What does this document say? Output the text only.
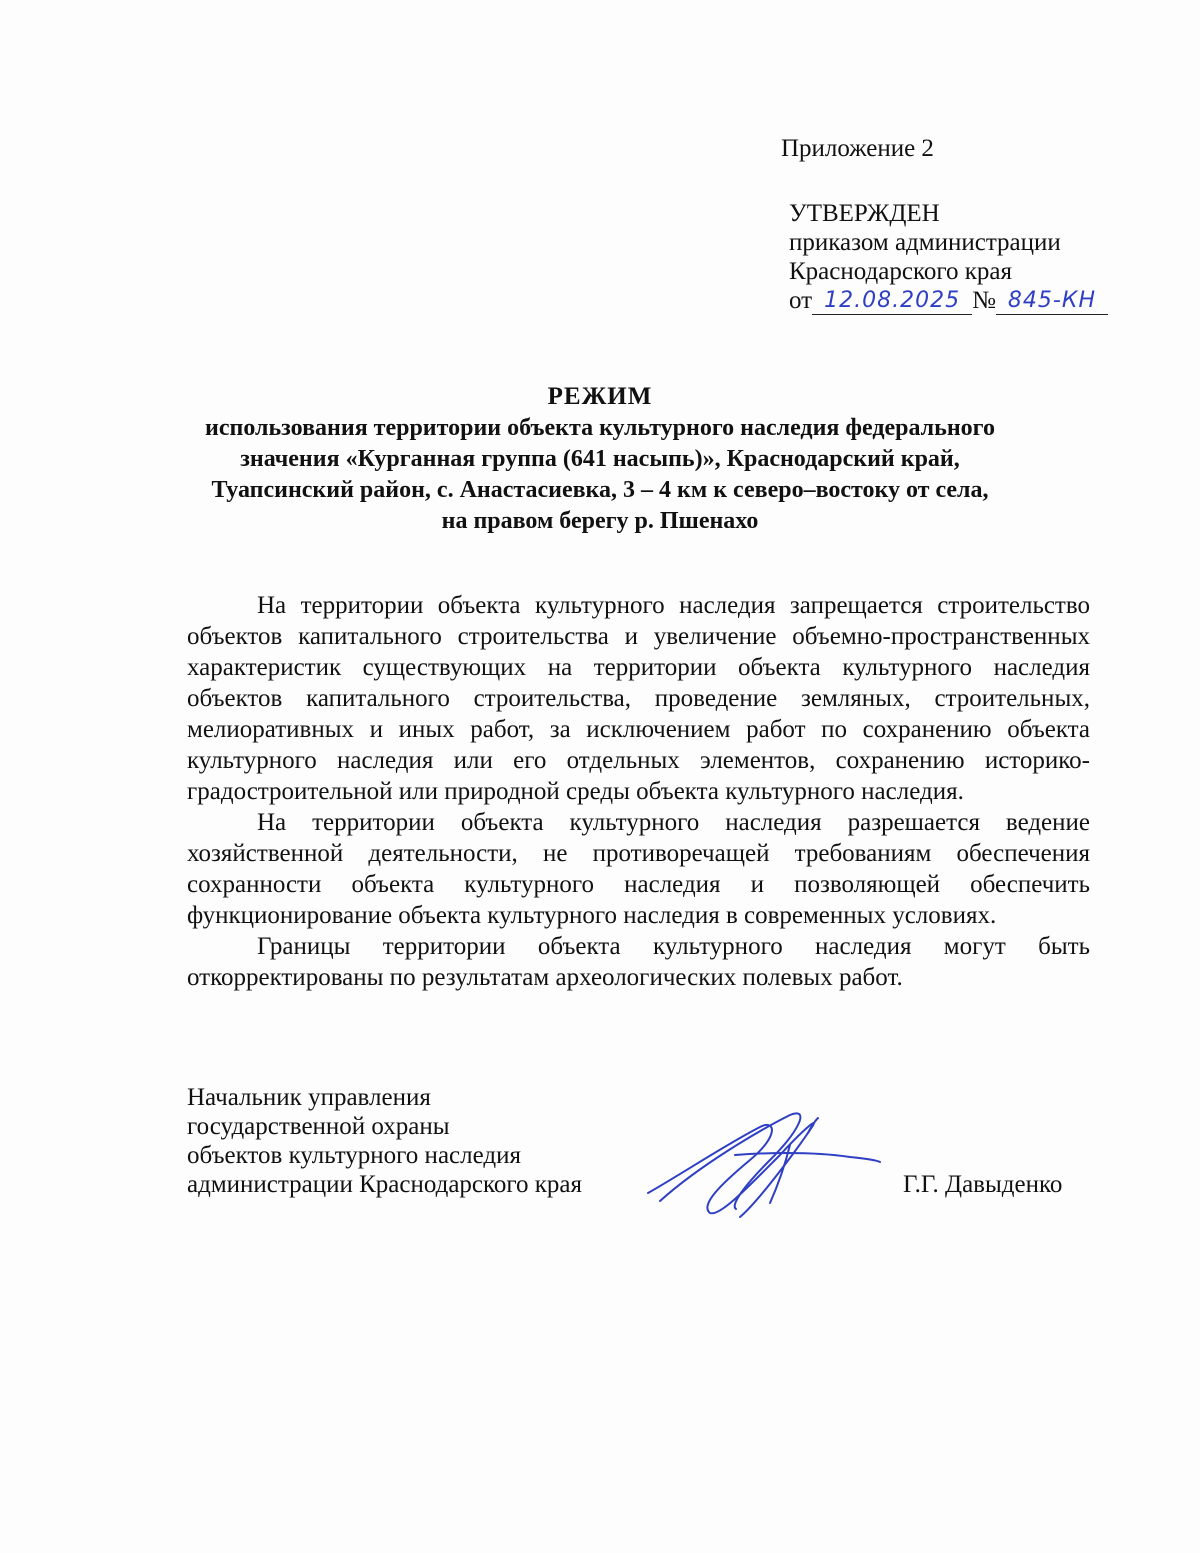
Приложение 2
УТВЕРЖДЕН
приказом администрации
Краснодарского края
от 12.08.2025 № 845-КН
РЕЖИМ
использования территории объекта культурного наследия федерального
значения «Курганная группа (641 насыпь)», Краснодарский край,
Туапсинский район, с. Анастасиевка, 3 – 4 км к северо–востоку от села,
на правом берегу р. Пшенахо

На территории объекта культурного наследия запрещается строительство объектов капитального строительства и увеличение объемно-пространственных характеристик существующих на территории объекта культурного наследия объектов капитального строительства, проведение земляных, строительных, мелиоративных и иных работ, за исключением работ по сохранению объекта культурного наследия или его отдельных элементов, сохранению историко-градостроительной или природной среды объекта культурного наследия.

На территории объекта культурного наследия разрешается ведение хозяйственной деятельности, не противоречащей требованиям обеспечения сохранности объекта культурного наследия и позволяющей обеспечить функционирование объекта культурного наследия в современных условиях.

Границы территории объекта культурного наследия могут быть откорректированы по результатам археологических полевых работ.

Начальник управления
государственной охраны
объектов культурного наследия
администрации Краснодарского края	Г.Г. Давыденко
